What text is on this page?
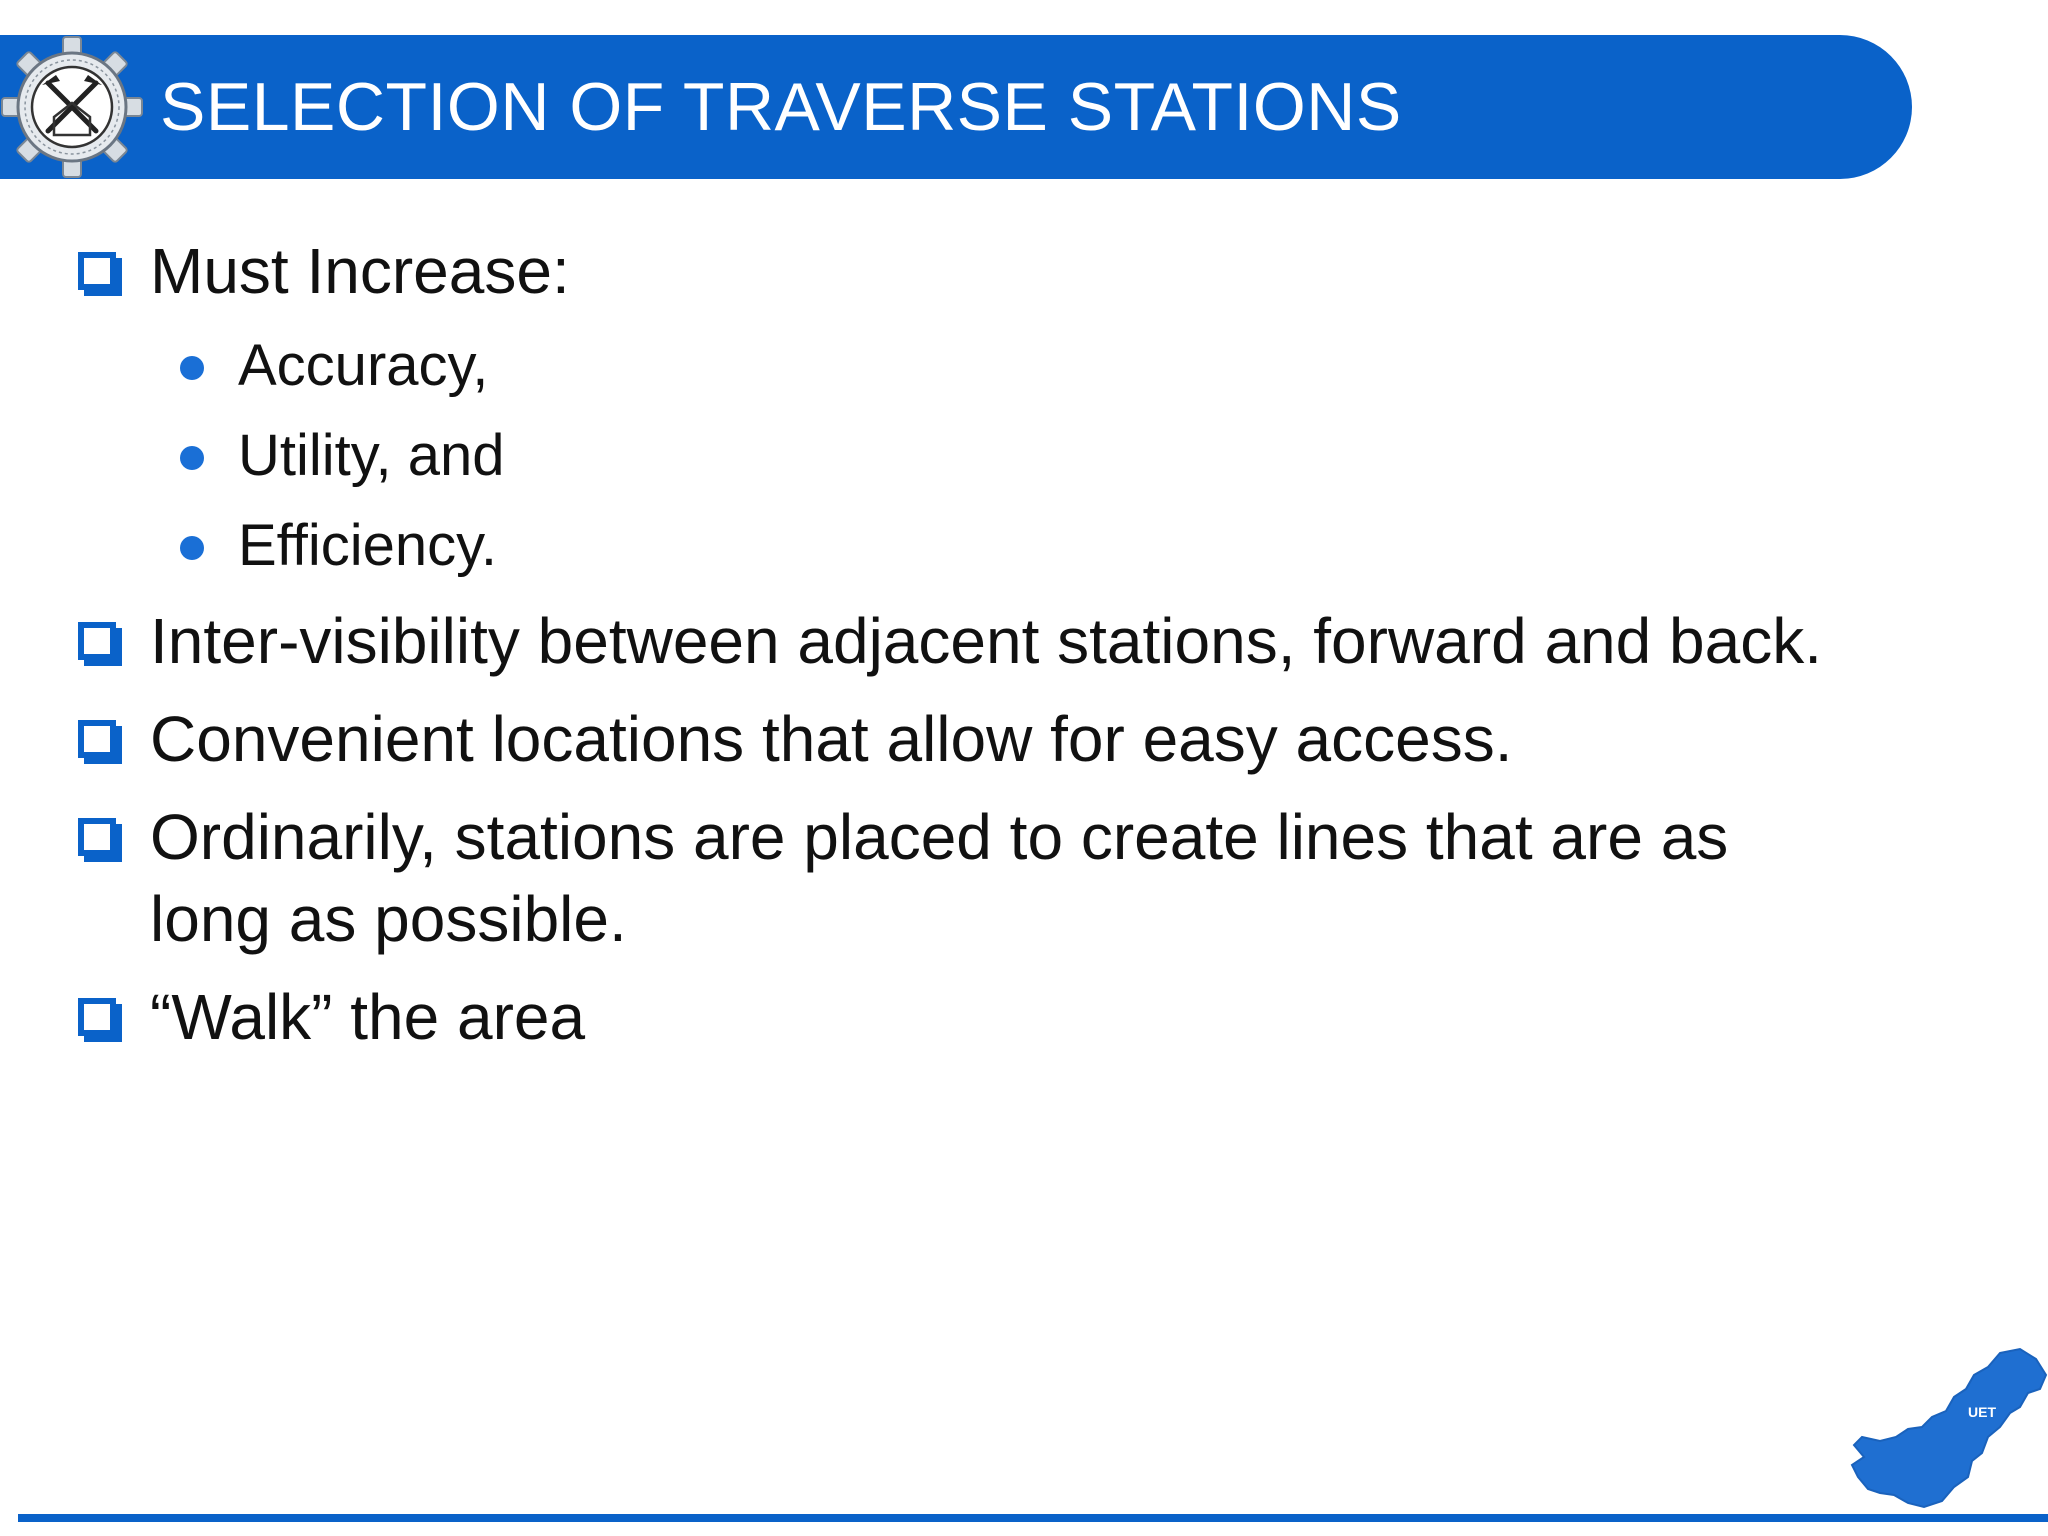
SELECTION OF TRAVERSE STATIONS
Must Increase:
Accuracy,
Utility, and
Efficiency.
Inter-visibility between adjacent stations, forward and back.
Convenient locations that allow for easy access.
Ordinarily, stations are placed to create lines that are as
long as possible.
“Walk” the area
UET
